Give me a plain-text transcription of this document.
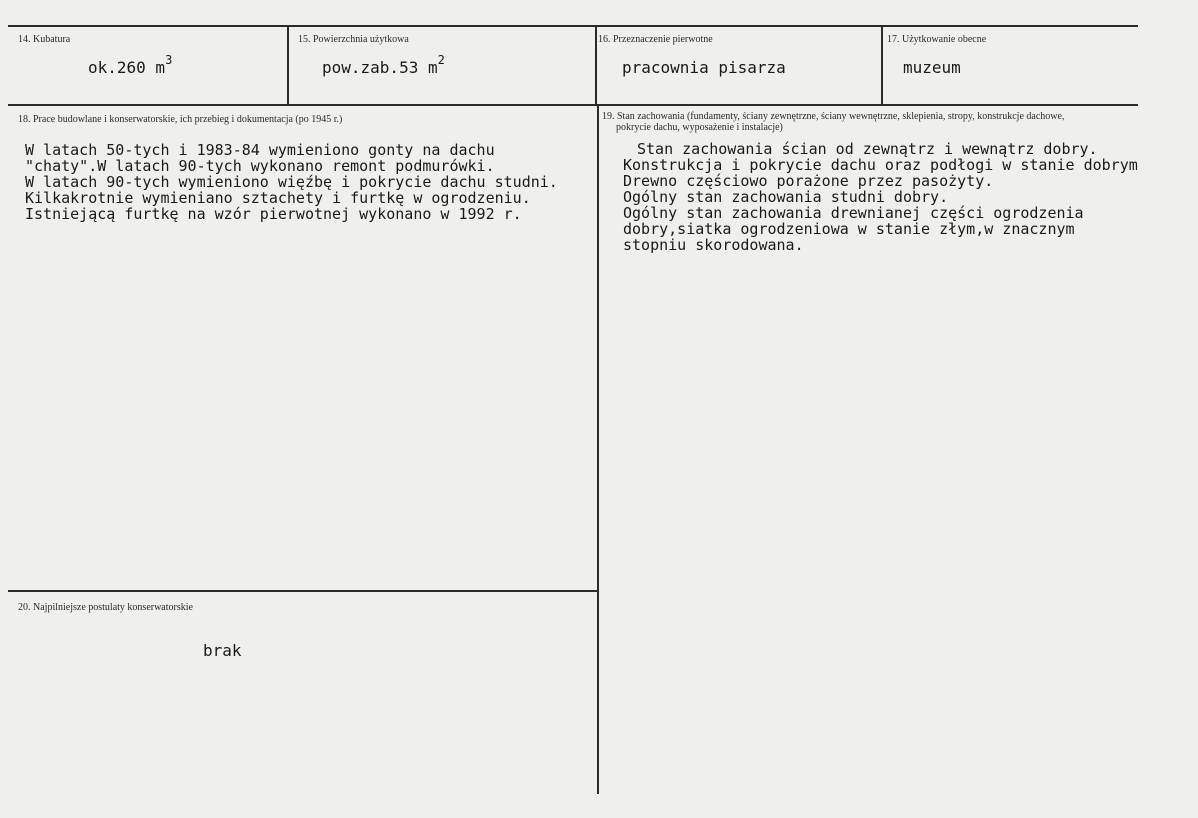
14. Kubatura
ok.260 $m^3$
15. Powierzchnia użytkowa
pow.zab.53 $m^2$
16. Przeznaczenie pierwotne
pracownia pisarza
17. Użytkowanie obecne
muzeum
18. Prace budowlane i konserwatorskie, ich przebieg i dokumentacja (po 1945 r.)
W latach 50-tych i 1983-84 wymieniono gonty na dachu
"chaty".W latach 90-tych wykonano remont podmurówki.
W latach 90-tych wymieniono więźbę i pokrycie dachu studni.
Kilkakrotnie wymieniano sztachety i furtkę w ogrodzeniu.
Istniejącą furtkę na wzór pierwotnej wykonano w 1992 r.
19. Stan zachowania (fundamenty, ściany zewnętrzne, ściany wewnętrzne, sklepienia, stropy, konstrukcje dachowe,
pokrycie dachu, wyposażenie i instalacje)
Stan zachowania ścian od zewnątrz i wewnątrz dobry.
Konstrukcja i pokrycie dachu oraz podłogi w stanie dobrym
Drewno częściowo porażone przez pasożyty.
Ogólny stan zachowania studni dobry.
Ogólny stan zachowania drewnianej części ogrodzenia
dobry,siatka ogrodzeniowa w stanie złym,w znacznym
stopniu skorodowana.
20. Najpilniejsze postulaty konserwatorskie
brak
